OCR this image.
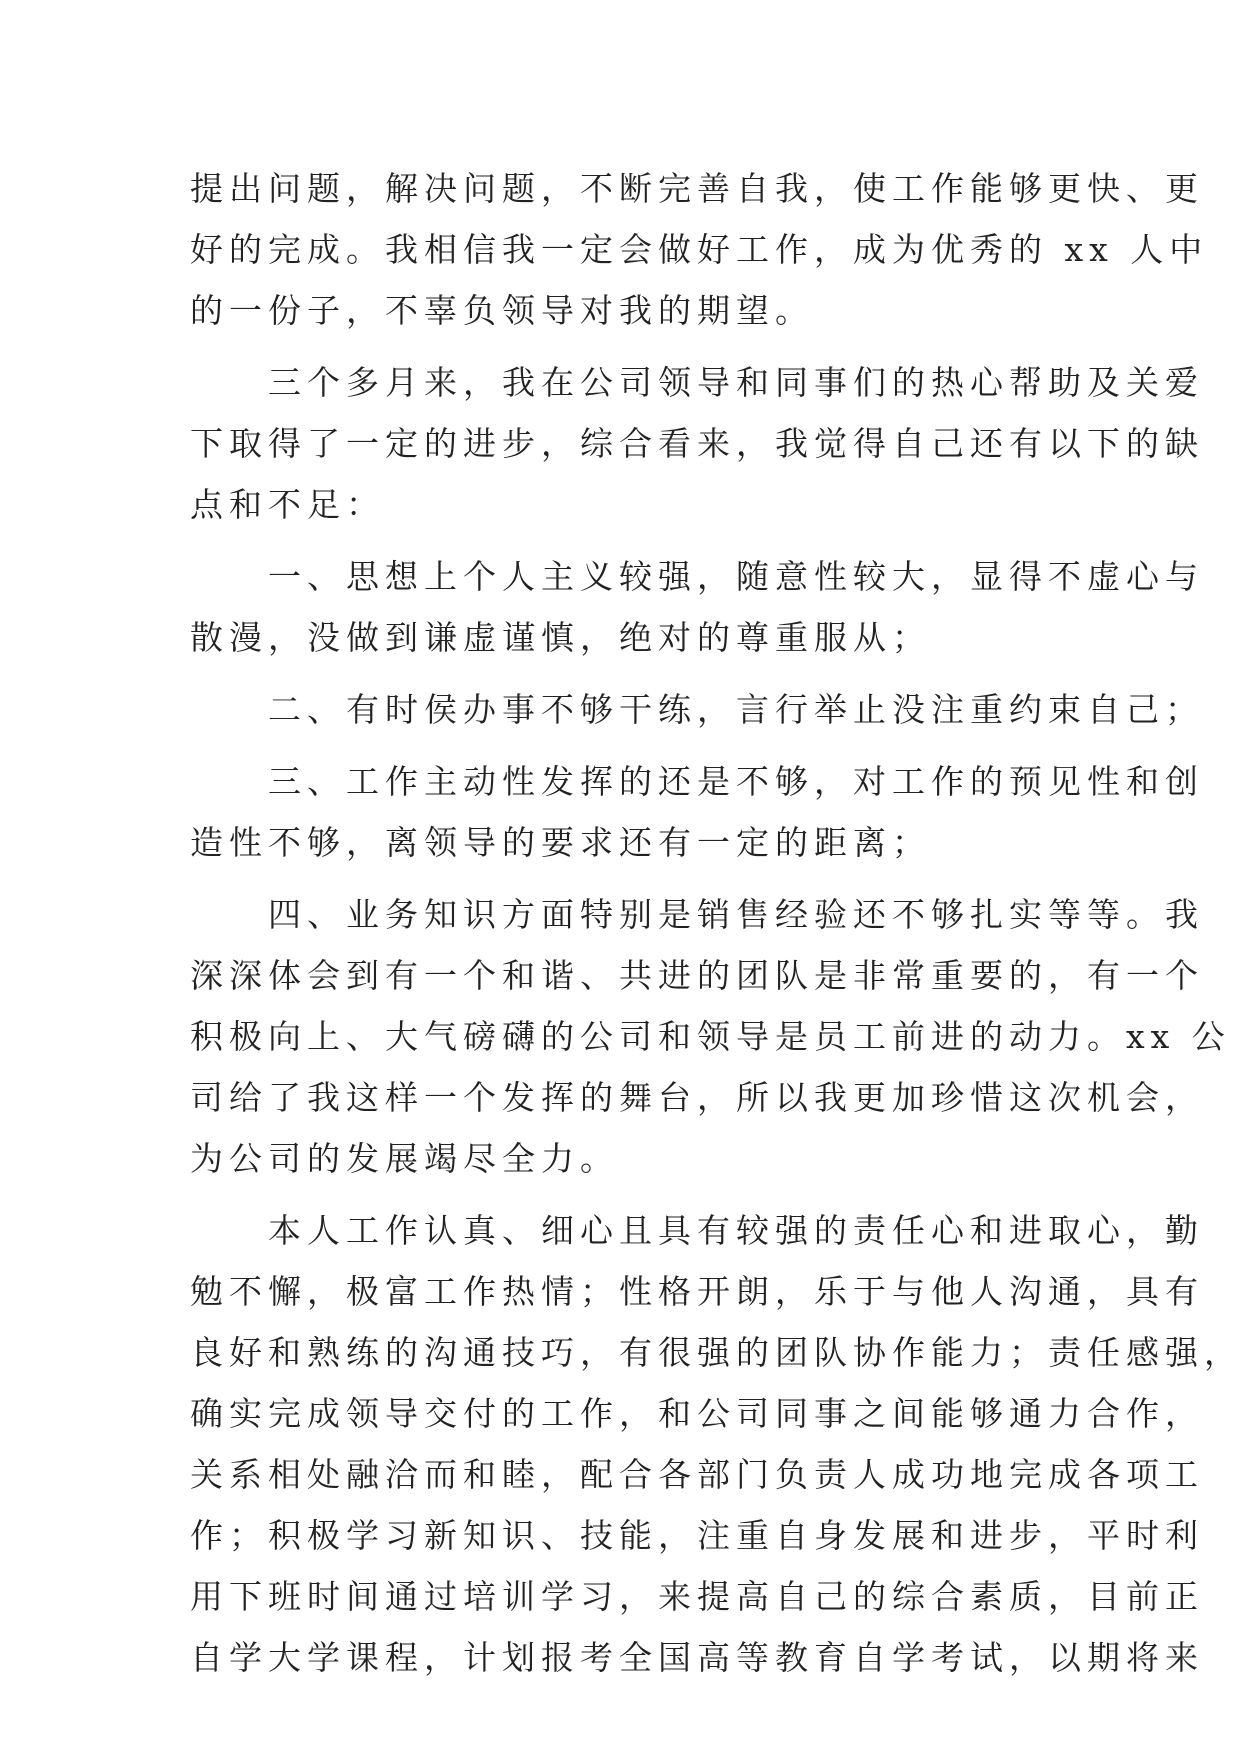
提出问题，解决问题，不断完善自我，使工作能够更快、更
好的完成。我相信我一定会做好工作，成为优秀的 xx 人中
的一份子，不辜负领导对我的期望。
　　三个多月来，我在公司领导和同事们的热心帮助及关爱
下取得了一定的进步，综合看来，我觉得自己还有以下的缺
点和不足：
　　一、思想上个人主义较强，随意性较大，显得不虚心与
散漫，没做到谦虚谨慎，绝对的尊重服从；
　　二、有时侯办事不够干练，言行举止没注重约束自己；
　　三、工作主动性发挥的还是不够，对工作的预见性和创
造性不够，离领导的要求还有一定的距离；
　　四、业务知识方面特别是销售经验还不够扎实等等。我
深深体会到有一个和谐、共进的团队是非常重要的，有一个
积极向上、大气磅礴的公司和领导是员工前进的动力。xx 公
司给了我这样一个发挥的舞台，所以我更加珍惜这次机会，
为公司的发展竭尽全力。
　　本人工作认真、细心且具有较强的责任心和进取心，勤
勉不懈，极富工作热情；性格开朗，乐于与他人沟通，具有
良好和熟练的沟通技巧，有很强的团队协作能力；责任感强，
确实完成领导交付的工作，和公司同事之间能够通力合作，
关系相处融洽而和睦，配合各部门负责人成功地完成各项工
作；积极学习新知识、技能，注重自身发展和进步，平时利
用下班时间通过培训学习，来提高自己的综合素质，目前正
自学大学课程，计划报考全国高等教育自学考试，以期将来
